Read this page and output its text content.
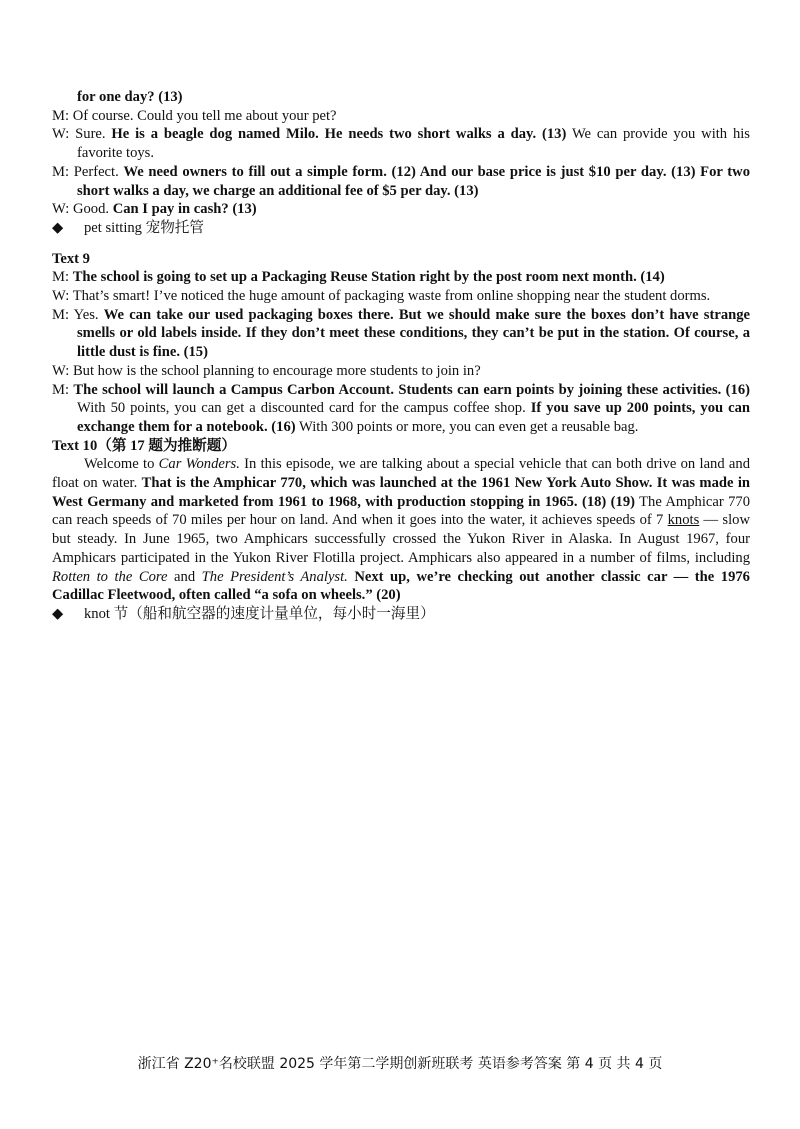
for one day? (13)

M: Of course. Could you tell me about your pet?

W: Sure. He is a beagle dog named Milo. He needs two short walks a day. (13) We can provide you with his favorite toys.

M: Perfect. We need owners to fill out a simple form. (12) And our base price is just $10 per day. (13) For two short walks a day, we charge an additional fee of $5 per day. (13)

W: Good. Can I pay in cash? (13)

◆ pet sitting 宠物托管

Text 9

M: The school is going to set up a Packaging Reuse Station right by the post room next month. (14)

W: That’s smart! I’ve noticed the huge amount of packaging waste from online shopping near the student dorms.

M: Yes. We can take our used packaging boxes there. But we should make sure the boxes don’t have strange smells or old labels inside. If they don’t meet these conditions, they can’t be put in the station. Of course, a little dust is fine. (15)

W: But how is the school planning to encourage more students to join in?

M: The school will launch a Campus Carbon Account. Students can earn points by joining these activities. (16) With 50 points, you can get a discounted card for the campus coffee shop. If you save up 200 points, you can exchange them for a notebook. (16) With 300 points or more, you can even get a reusable bag.

Text 10（第 17 题为推断题）

Welcome to Car Wonders. In this episode, we are talking about a special vehicle that can both drive on land and float on water. That is the Amphicar 770, which was launched at the 1961 New York Auto Show. It was made in West Germany and marketed from 1961 to 1968, with production stopping in 1965. (18) (19) The Amphicar 770 can reach speeds of 70 miles per hour on land. And when it goes into the water, it achieves speeds of 7 knots — slow but steady. In June 1965, two Amphicars successfully crossed the Yukon River in Alaska. In August 1967, four Amphicars participated in the Yukon River Flotilla project. Amphicars also appeared in a number of films, including Rotten to the Core and The President’s Analyst. Next up, we’re checking out another classic car — the 1976 Cadillac Fleetwood, often called “a sofa on wheels.” (20)

◆ knot 节（船和航空器的速度计量单位，每小时一海里）

浙江省 Z20⁺名校联盟 2025 学年第二学期创新班联考 英语参考答案 第 4 页 共 4 页
